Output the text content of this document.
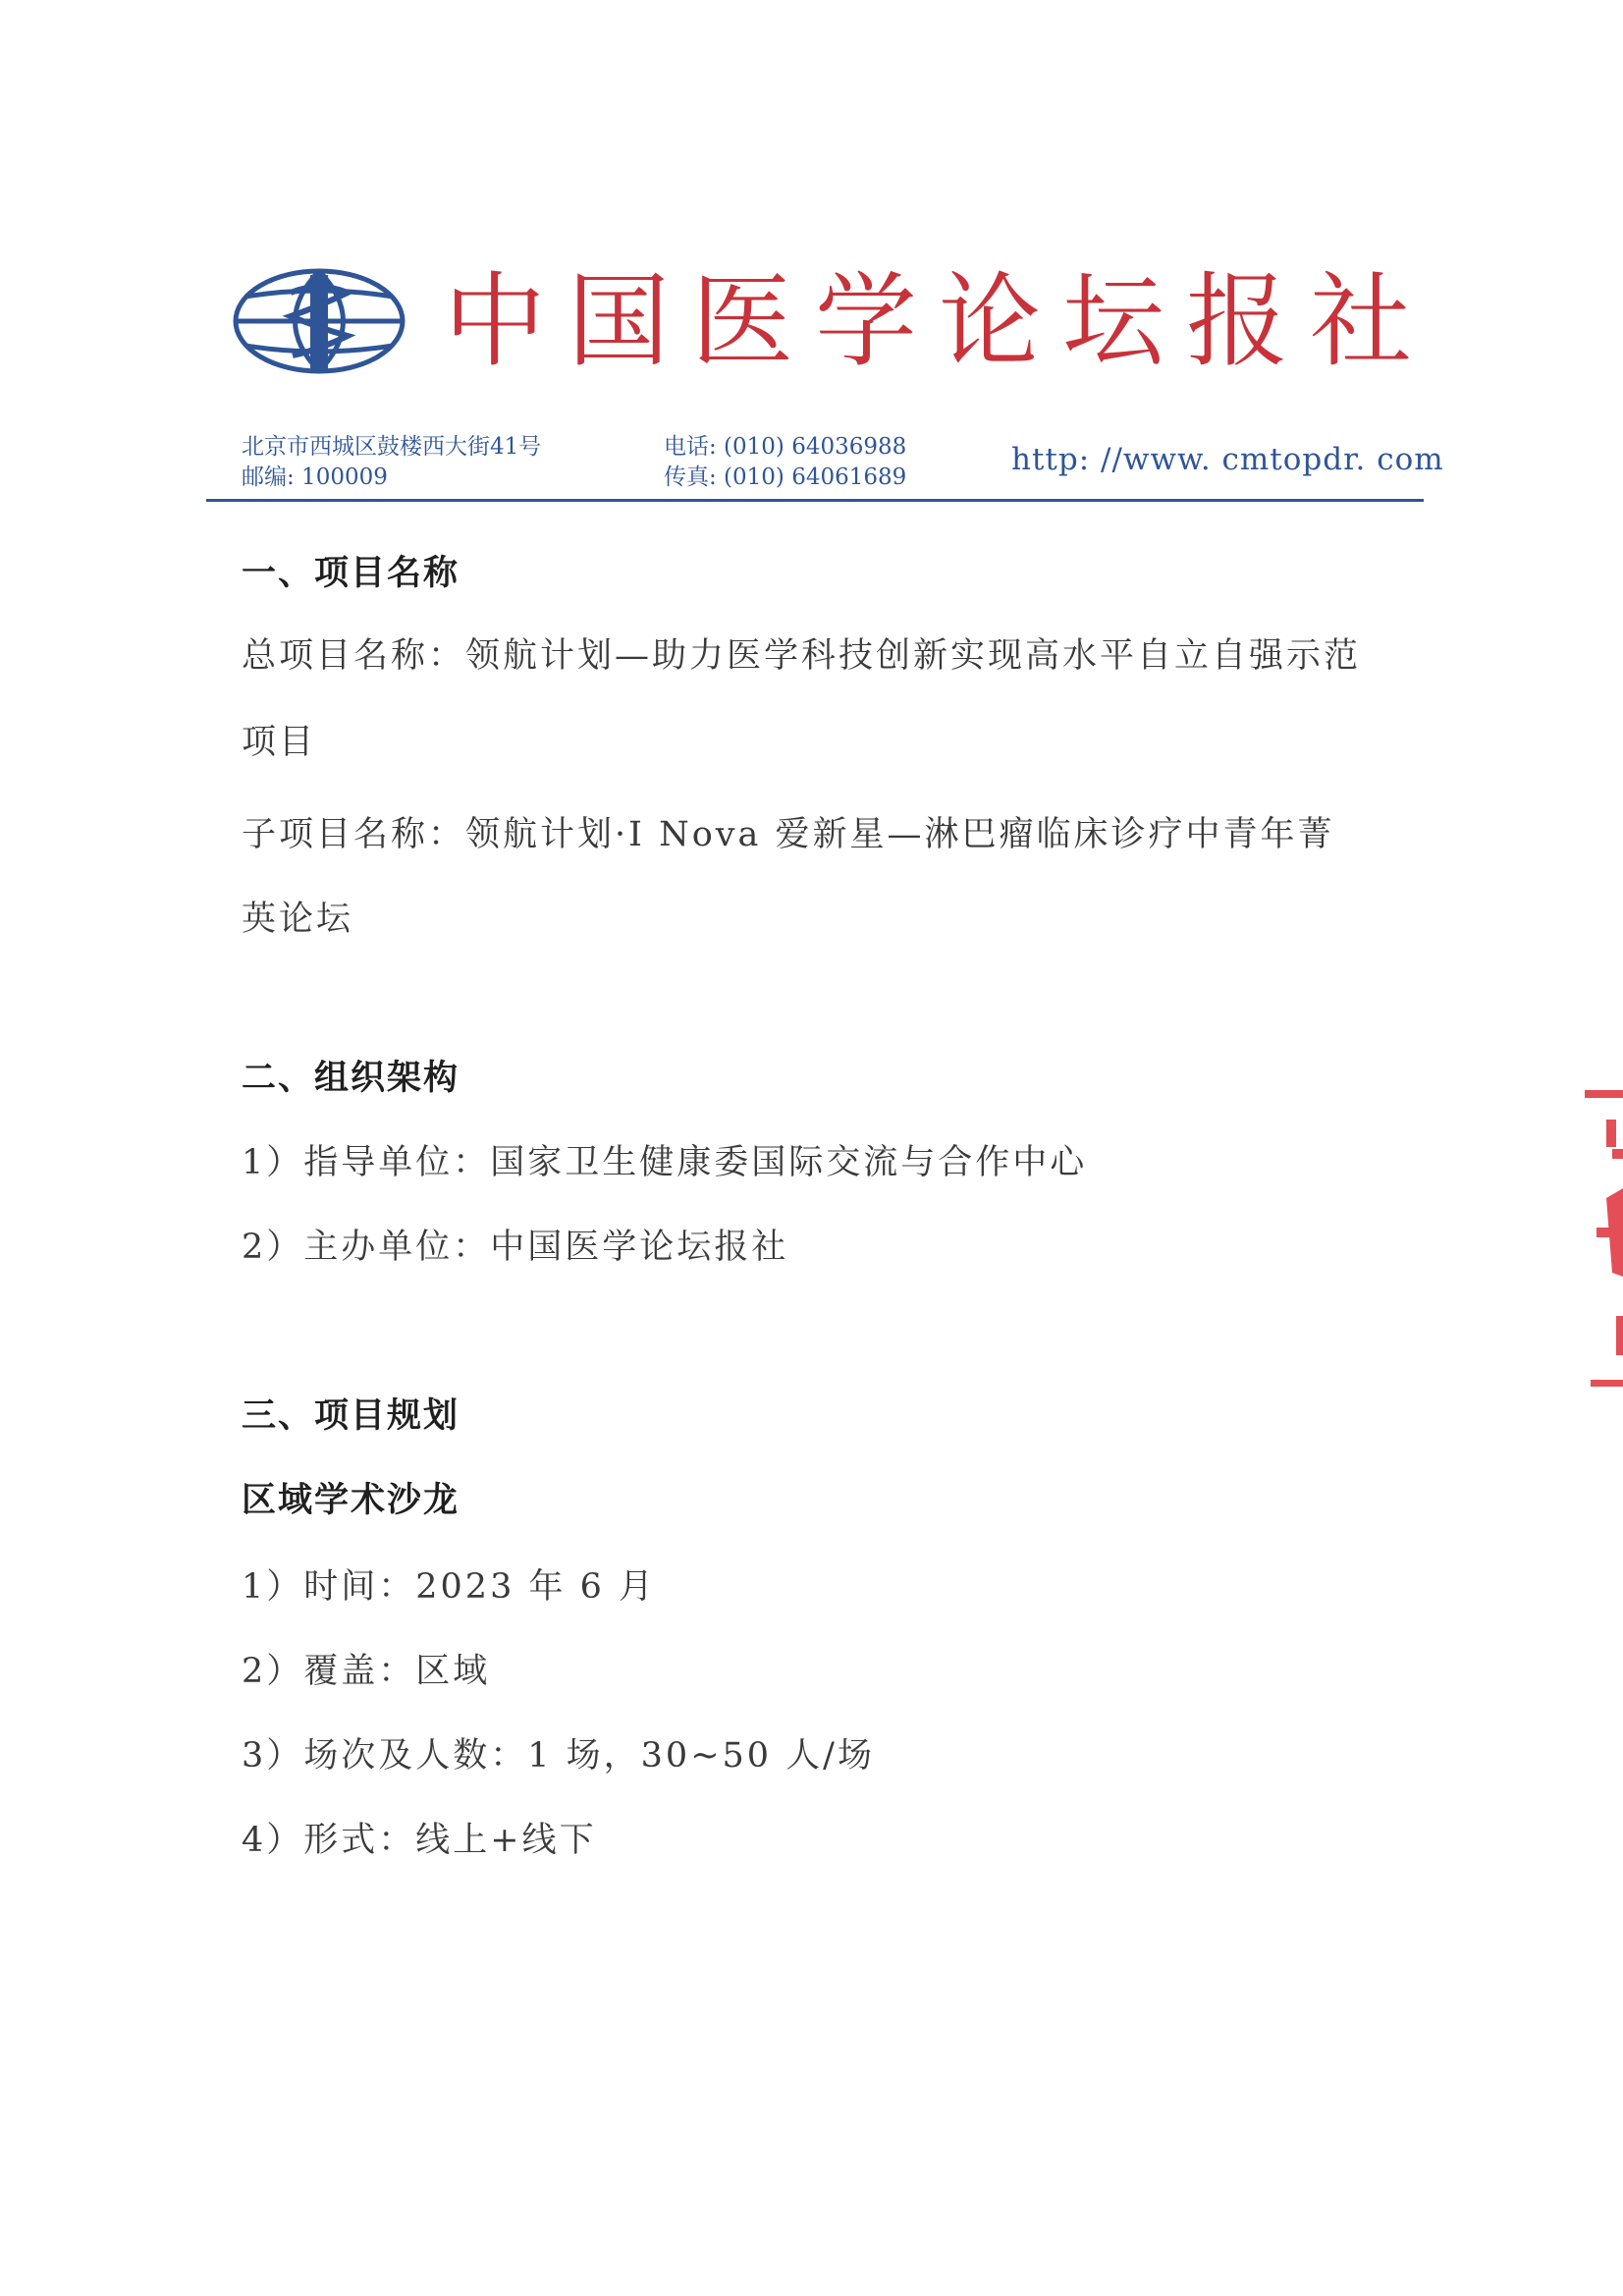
中国医学论坛报社
北京市西城区鼓楼西大街41号
邮编: 100009
电话: (010) 64036988
传真: (010) 64061689	http: //www. cmtopdr. com
一、项目名称
总项目名称：领航计划—助力医学科技创新实现高水平自立自强示范
项目
子项目名称：领航计划·I Nova 爱新星—淋巴瘤临床诊疗中青年菁
英论坛
二、组织架构
1）指导单位：国家卫生健康委国际交流与合作中心
2）主办单位：中国医学论坛报社
三、项目规划
区域学术沙龙
1）时间：2023 年 6 月
2）覆盖：区域
3）场次及人数：1 场，30~50 人/场
4）形式：线上+线下
